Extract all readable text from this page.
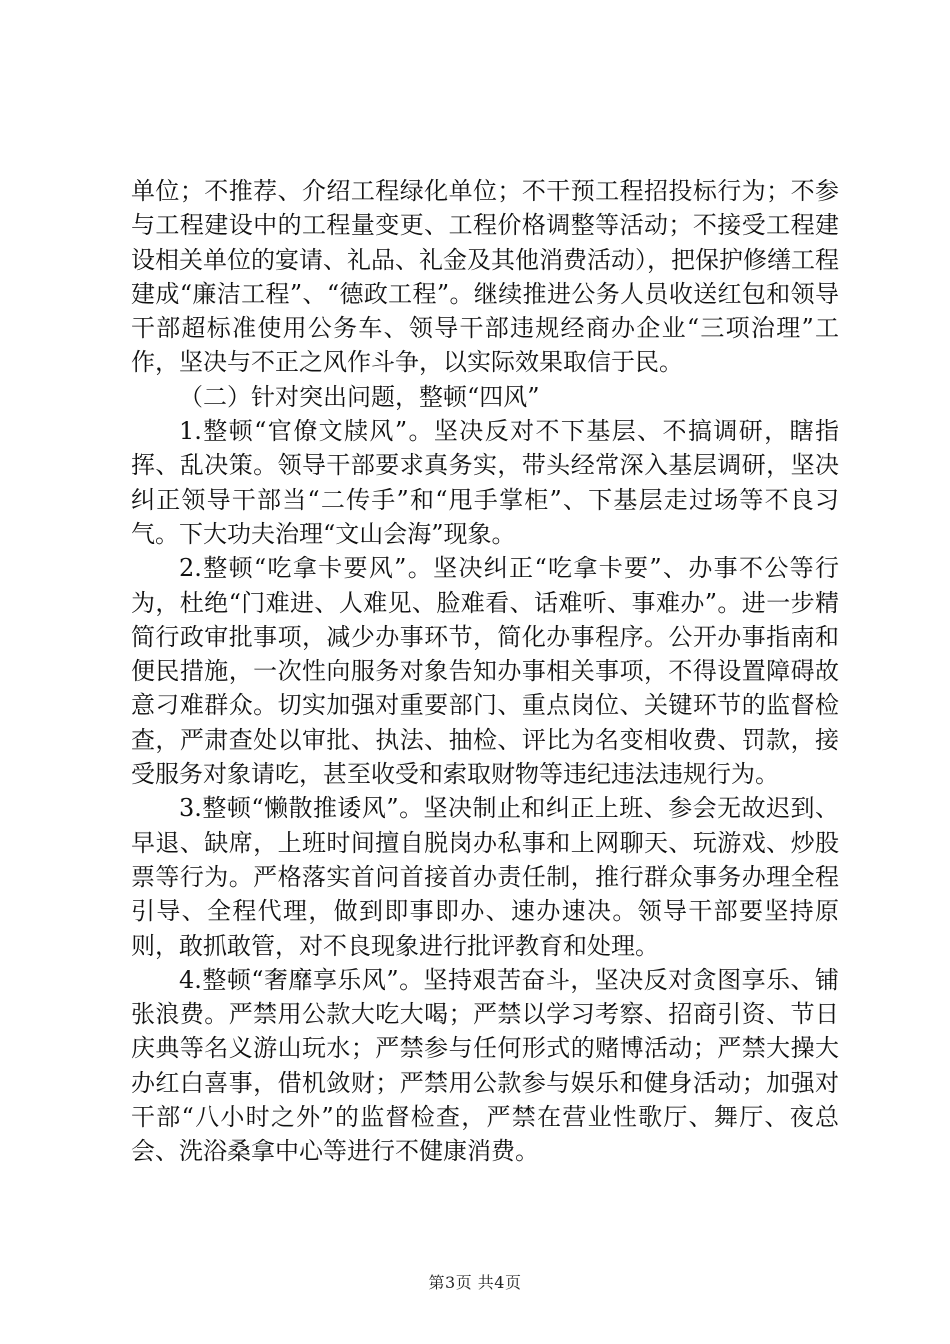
单位；不推荐、介绍工程绿化单位；不干预工程招投标行为；不参与工程建设中的工程量变更、工程价格调整等活动；不接受工程建设相关单位的宴请、礼品、礼金及其他消费活动），把保护修缮工程建成“廉洁工程”、“德政工程”。继续推进公务人员收送红包和领导干部超标准使用公务车、领导干部违规经商办企业“三项治理”工作，坚决与不正之风作斗争，以实际效果取信于民。

（二）针对突出问题，整顿“四风”

1.整顿“官僚文牍风”。坚决反对不下基层、不搞调研，瞎指挥、乱决策。领导干部要求真务实，带头经常深入基层调研，坚决纠正领导干部当“二传手”和“甩手掌柜”、下基层走过场等不良习气。下大功夫治理“文山会海”现象。

2.整顿“吃拿卡要风”。坚决纠正“吃拿卡要”、办事不公等行为，杜绝“门难进、人难见、脸难看、话难听、事难办”。进一步精简行政审批事项，减少办事环节，简化办事程序。公开办事指南和便民措施，一次性向服务对象告知办事相关事项，不得设置障碍故意刁难群众。切实加强对重要部门、重点岗位、关键环节的监督检查，严肃查处以审批、执法、抽检、评比为名变相收费、罚款，接受服务对象请吃，甚至收受和索取财物等违纪违法违规行为。

3.整顿“懒散推诿风”。坚决制止和纠正上班、参会无故迟到、早退、缺席，上班时间擅自脱岗办私事和上网聊天、玩游戏、炒股票等行为。严格落实首问首接首办责任制，推行群众事务办理全程引导、全程代理，做到即事即办、速办速决。领导干部要坚持原则，敢抓敢管，对不良现象进行批评教育和处理。

4.整顿“奢靡享乐风”。坚持艰苦奋斗，坚决反对贪图享乐、铺张浪费。严禁用公款大吃大喝；严禁以学习考察、招商引资、节日庆典等名义游山玩水；严禁参与任何形式的赌博活动；严禁大操大办红白喜事，借机敛财；严禁用公款参与娱乐和健身活动；加强对干部“八小时之外”的监督检查，严禁在营业性歌厅、舞厅、夜总会、洗浴桑拿中心等进行不健康消费。

第3页 共4页
